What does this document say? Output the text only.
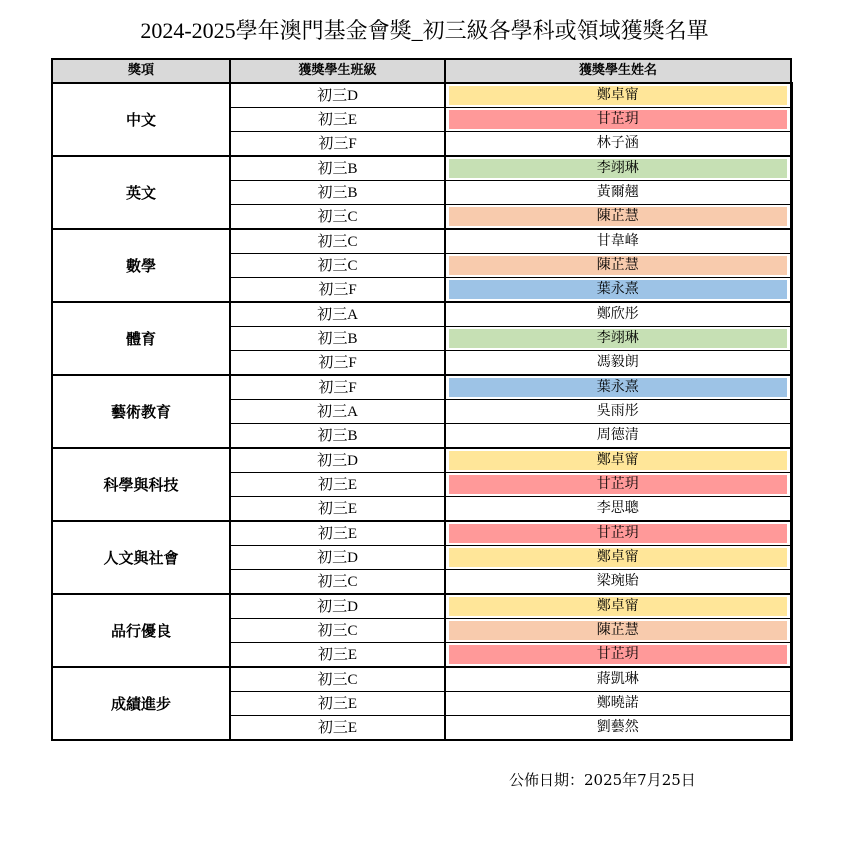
2024-2025學年澳門基金會獎_初三級各學科或領域獲獎名單
獎項	獲獎學生班級	獲獎學生姓名
中文	初三D	鄭卓甯

	初三E	甘芷玥

	初三F	林子涵

英文	初三B	李翊琳

	初三B	黃爾翹

	初三C	陳芷慧

數學	初三C	甘韋峰

	初三C	陳芷慧

	初三F	葉永熹

體育	初三A	鄭欣彤

	初三B	李翊琳

	初三F	馮毅朗

藝術教育	初三F	葉永熹

	初三A	吳雨彤

	初三B	周德清

科學與科技	初三D	鄭卓甯

	初三E	甘芷玥

	初三E	李思聰

人文與社會	初三E	甘芷玥

	初三D	鄭卓甯

	初三C	梁琬貽

品行優良	初三D	鄭卓甯

	初三C	陳芷慧

	初三E	甘芷玥

成績進步	初三C	蔣凱琳

	初三E	鄭曉諾

	初三E	劉藝然
公佈日期：2025年7月25日
